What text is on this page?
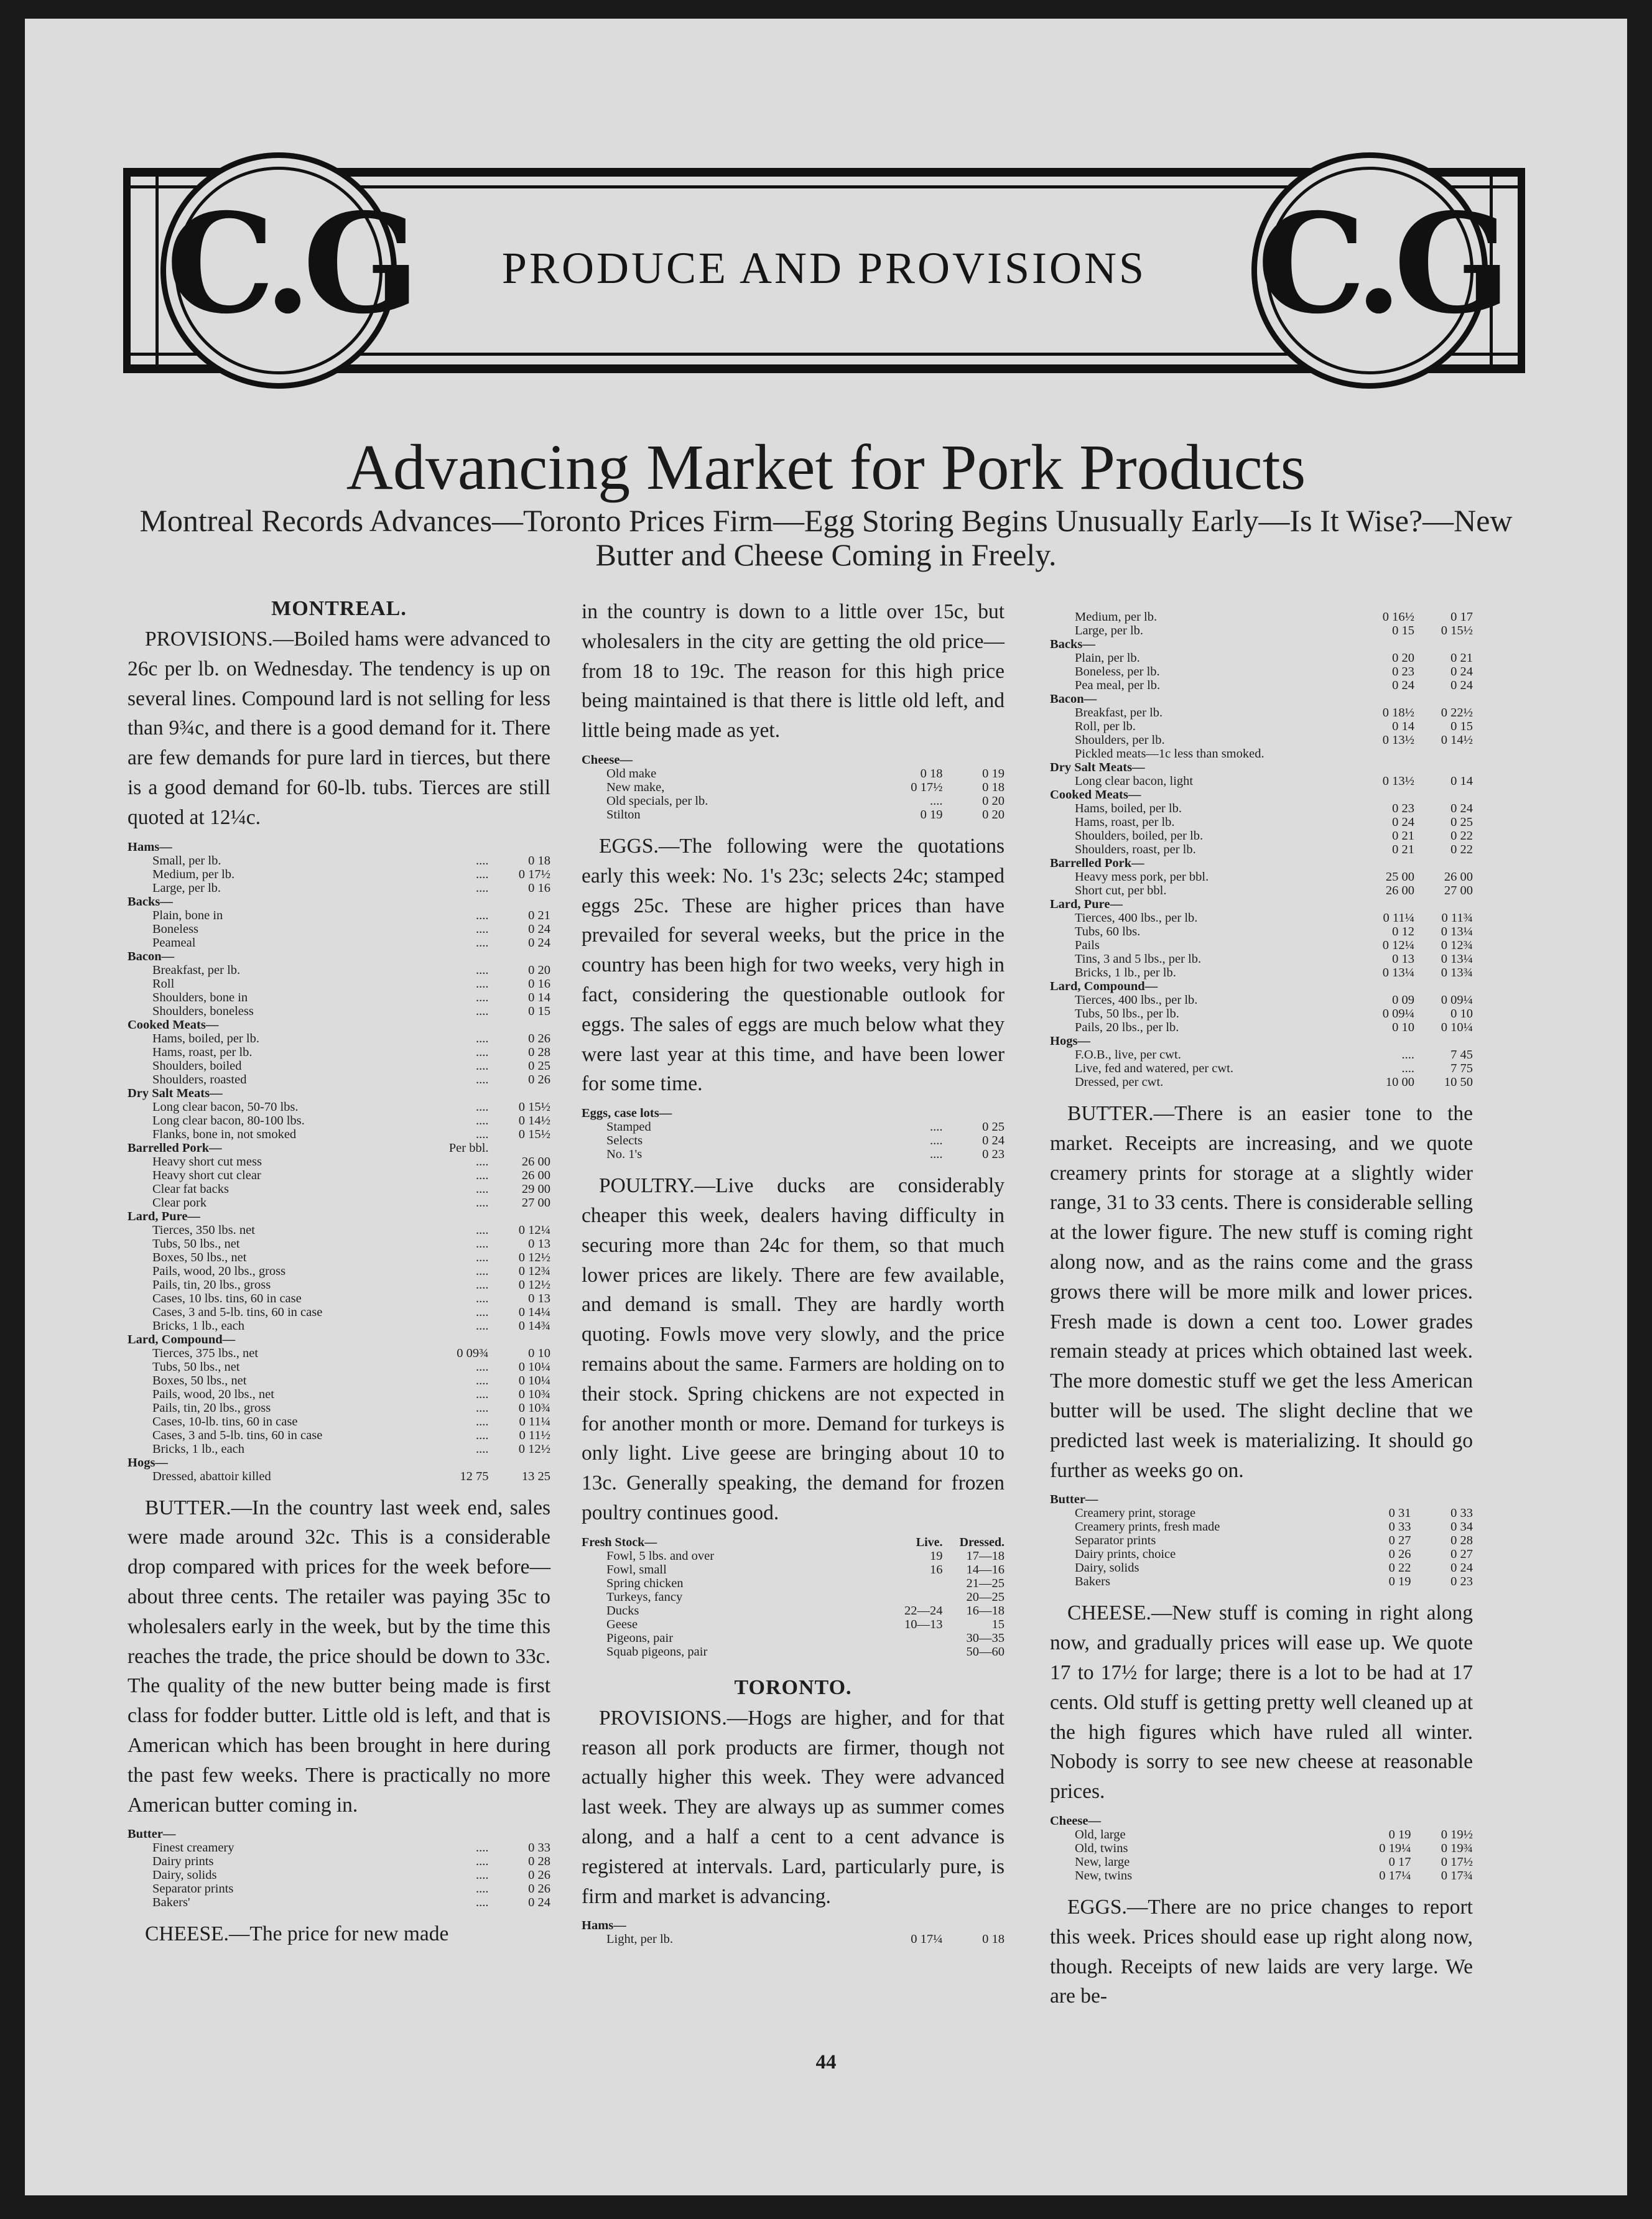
C.G	C.G
PRODUCE AND PROVISIONS
Advancing Market for Pork Products
Montreal Records Advances—Toronto Prices Firm—Egg Storing Begins Unusually Early—Is It Wise?—New Butter and Cheese Coming in Freely.
MONTREAL.

PROVISIONS.—Boiled hams were advanced to 26c per lb. on Wednesday. The tendency is up on several lines. Compound lard is not selling for less than 9¾c, and there is a good demand for it. There are few demands for pure lard in tierces, but there is a good demand for 60-lb. tubs. Tierces are still quoted at 12¼c.

Hams—		
Small, per lb.	....	0 18
Medium, per lb.	....	0 17½
Large, per lb.	....	0 16
Backs—		
Plain, bone in	....	0 21
Boneless	....	0 24
Peameal	....	0 24
Bacon—		
Breakfast, per lb.	....	0 20
Roll	....	0 16
Shoulders, bone in	....	0 14
Shoulders, boneless	....	0 15
Cooked Meats—		
Hams, boiled, per lb.	....	0 26
Hams, roast, per lb.	....	0 28
Shoulders, boiled	....	0 25
Shoulders, roasted	....	0 26
Dry Salt Meats—		
Long clear bacon, 50-70 lbs.	....	0 15½
Long clear bacon, 80-100 lbs.	....	0 14½
Flanks, bone in, not smoked	....	0 15½
Barrelled Pork—	Per bbl.	
Heavy short cut mess	....	26 00
Heavy short cut clear	....	26 00
Clear fat backs	....	29 00
Clear pork	....	27 00
Lard, Pure—		
Tierces, 350 lbs. net	....	0 12¼
Tubs, 50 lbs., net	....	0 13
Boxes, 50 lbs., net	....	0 12½
Pails, wood, 20 lbs., gross	....	0 12¾
Pails, tin, 20 lbs., gross	....	0 12½
Cases, 10 lbs. tins, 60 in case	....	0 13
Cases, 3 and 5-lb. tins, 60 in case	....	0 14¼
Bricks, 1 lb., each	....	0 14¾
Lard, Compound—		
Tierces, 375 lbs., net	0 09¾	0 10
Tubs, 50 lbs., net	....	0 10¼
Boxes, 50 lbs., net	....	0 10¼
Pails, wood, 20 lbs., net	....	0 10¾
Pails, tin, 20 lbs., gross	....	0 10¾
Cases, 10-lb. tins, 60 in case	....	0 11¼
Cases, 3 and 5-lb. tins, 60 in case	....	0 11½
Bricks, 1 lb., each	....	0 12½
Hogs—		
Dressed, abattoir killed	12 75	13 25

BUTTER.—In the country last week end, sales were made around 32c. This is a considerable drop compared with prices for the week before—about three cents. The retailer was paying 35c to wholesalers early in the week, but by the time this reaches the trade, the price should be down to 33c. The quality of the new butter being made is first class for fodder butter. Little old is left, and that is American which has been brought in here during the past few weeks. There is practically no more American butter coming in.

Butter—		
Finest creamery	....	0 33
Dairy prints	....	0 28
Dairy, solids	....	0 26
Separator prints	....	0 26
Bakers'	....	0 24

CHEESE.—The price for new made

in the country is down to a little over 15c, but wholesalers in the city are getting the old price—from 18 to 19c. The reason for this high price being maintained is that there is little old left, and little being made as yet.

Cheese—		
Old make	0 18	0 19
New make,	0 17½	0 18
Old specials, per lb.	....	0 20
Stilton	0 19	0 20

EGGS.—The following were the quotations early this week: No. 1's 23c; selects 24c; stamped eggs 25c. These are higher prices than have prevailed for several weeks, but the price in the country has been high for two weeks, very high in fact, considering the questionable outlook for eggs. The sales of eggs are much below what they were last year at this time, and have been lower for some time.

Eggs, case lots—		
Stamped	....	0 25
Selects	....	0 24
No. 1's	....	0 23

POULTRY.—Live ducks are considerably cheaper this week, dealers having difficulty in securing more than 24c for them, so that much lower prices are likely. There are few available, and demand is small. They are hardly worth quoting. Fowls move very slowly, and the price remains about the same. Farmers are holding on to their stock. Spring chickens are not expected in for another month or more. Demand for turkeys is only light. Live geese are bringing about 10 to 13c. Generally speaking, the demand for frozen poultry continues good.

Fresh Stock—	Live.	Dressed.
Fowl, 5 lbs. and over	19	17—18
Fowl, small	16	14—16
Spring chicken		21—25
Turkeys, fancy		20—25
Ducks	22—24	16—18
Geese	10—13	15
Pigeons, pair		30—35
Squab pigeons, pair		50—60
TORONTO.

PROVISIONS.—Hogs are higher, and for that reason all pork products are firmer, though not actually higher this week. They were advanced last week. They are always up as summer comes along, and a half a cent to a cent advance is registered at intervals. Lard, particularly pure, is firm and market is advancing.

Hams—		
Light, per lb.	0 17¼	0 18
Medium, per lb.	0 16½	0 17
Large, per lb.	0 15	0 15½
Backs—		
Plain, per lb.	0 20	0 21
Boneless, per lb.	0 23	0 24
Pea meal, per lb.	0 24	0 24
Bacon—		
Breakfast, per lb.	0 18½	0 22½
Roll, per lb.	0 14	0 15
Shoulders, per lb.	0 13½	0 14½
Pickled meats—1c less than smoked.		
Dry Salt Meats—		
Long clear bacon, light	0 13½	0 14
Cooked Meats—		
Hams, boiled, per lb.	0 23	0 24
Hams, roast, per lb.	0 24	0 25
Shoulders, boiled, per lb.	0 21	0 22
Shoulders, roast, per lb.	0 21	0 22
Barrelled Pork—		
Heavy mess pork, per bbl.	25 00	26 00
Short cut, per bbl.	26 00	27 00
Lard, Pure—		
Tierces, 400 lbs., per lb.	0 11¼	0 11¾
Tubs, 60 lbs.	0 12	0 13¼
Pails	0 12¼	0 12¾
Tins, 3 and 5 lbs., per lb.	0 13	0 13¼
Bricks, 1 lb., per lb.	0 13¼	0 13¾
Lard, Compound—		
Tierces, 400 lbs., per lb.	0 09	0 09¼
Tubs, 50 lbs., per lb.	0 09¼	0 10
Pails, 20 lbs., per lb.	0 10	0 10¼
Hogs—		
F.O.B., live, per cwt.	....	7 45
Live, fed and watered, per cwt.	....	7 75
Dressed, per cwt.	10 00	10 50

BUTTER.—There is an easier tone to the market. Receipts are increasing, and we quote creamery prints for storage at a slightly wider range, 31 to 33 cents. There is considerable selling at the lower figure. The new stuff is coming right along now, and as the rains come and the grass grows there will be more milk and lower prices. Fresh made is down a cent too. Lower grades remain steady at prices which obtained last week. The more domestic stuff we get the less American butter will be used. The slight decline that we predicted last week is materializing. It should go further as weeks go on.

Butter—		
Creamery print, storage	0 31	0 33
Creamery prints, fresh made	0 33	0 34
Separator prints	0 27	0 28
Dairy prints, choice	0 26	0 27
Dairy, solids	0 22	0 24
Bakers	0 19	0 23

CHEESE.—New stuff is coming in right along now, and gradually prices will ease up. We quote 17 to 17½ for large; there is a lot to be had at 17 cents. Old stuff is getting pretty well cleaned up at the high figures which have ruled all winter. Nobody is sorry to see new cheese at reasonable prices.

Cheese—		
Old, large	0 19	0 19½
Old, twins	0 19¼	0 19¾
New, large	0 17	0 17½
New, twins	0 17¼	0 17¾

EGGS.—There are no price changes to report this week. Prices should ease up right along now, though. Receipts of new laids are very large. We are be-

44
